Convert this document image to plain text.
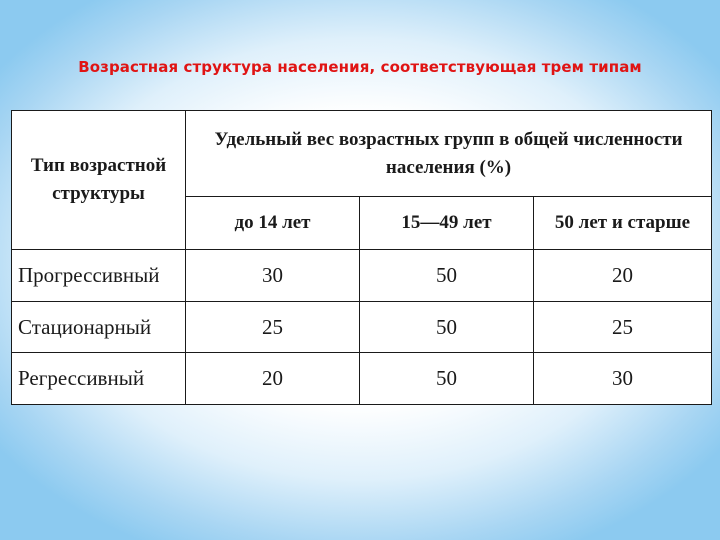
Возрастная структура населения, соответствующая трем типам
Тип возрастной структуры	Удельный вес возрастных групп в общей численности населения (%)		
	до 14 лет	15—49 лет	50 лет и старше
Прогрессивный	30	50	20
Стационарный	25	50	25
Регрессивный	20	50	30
